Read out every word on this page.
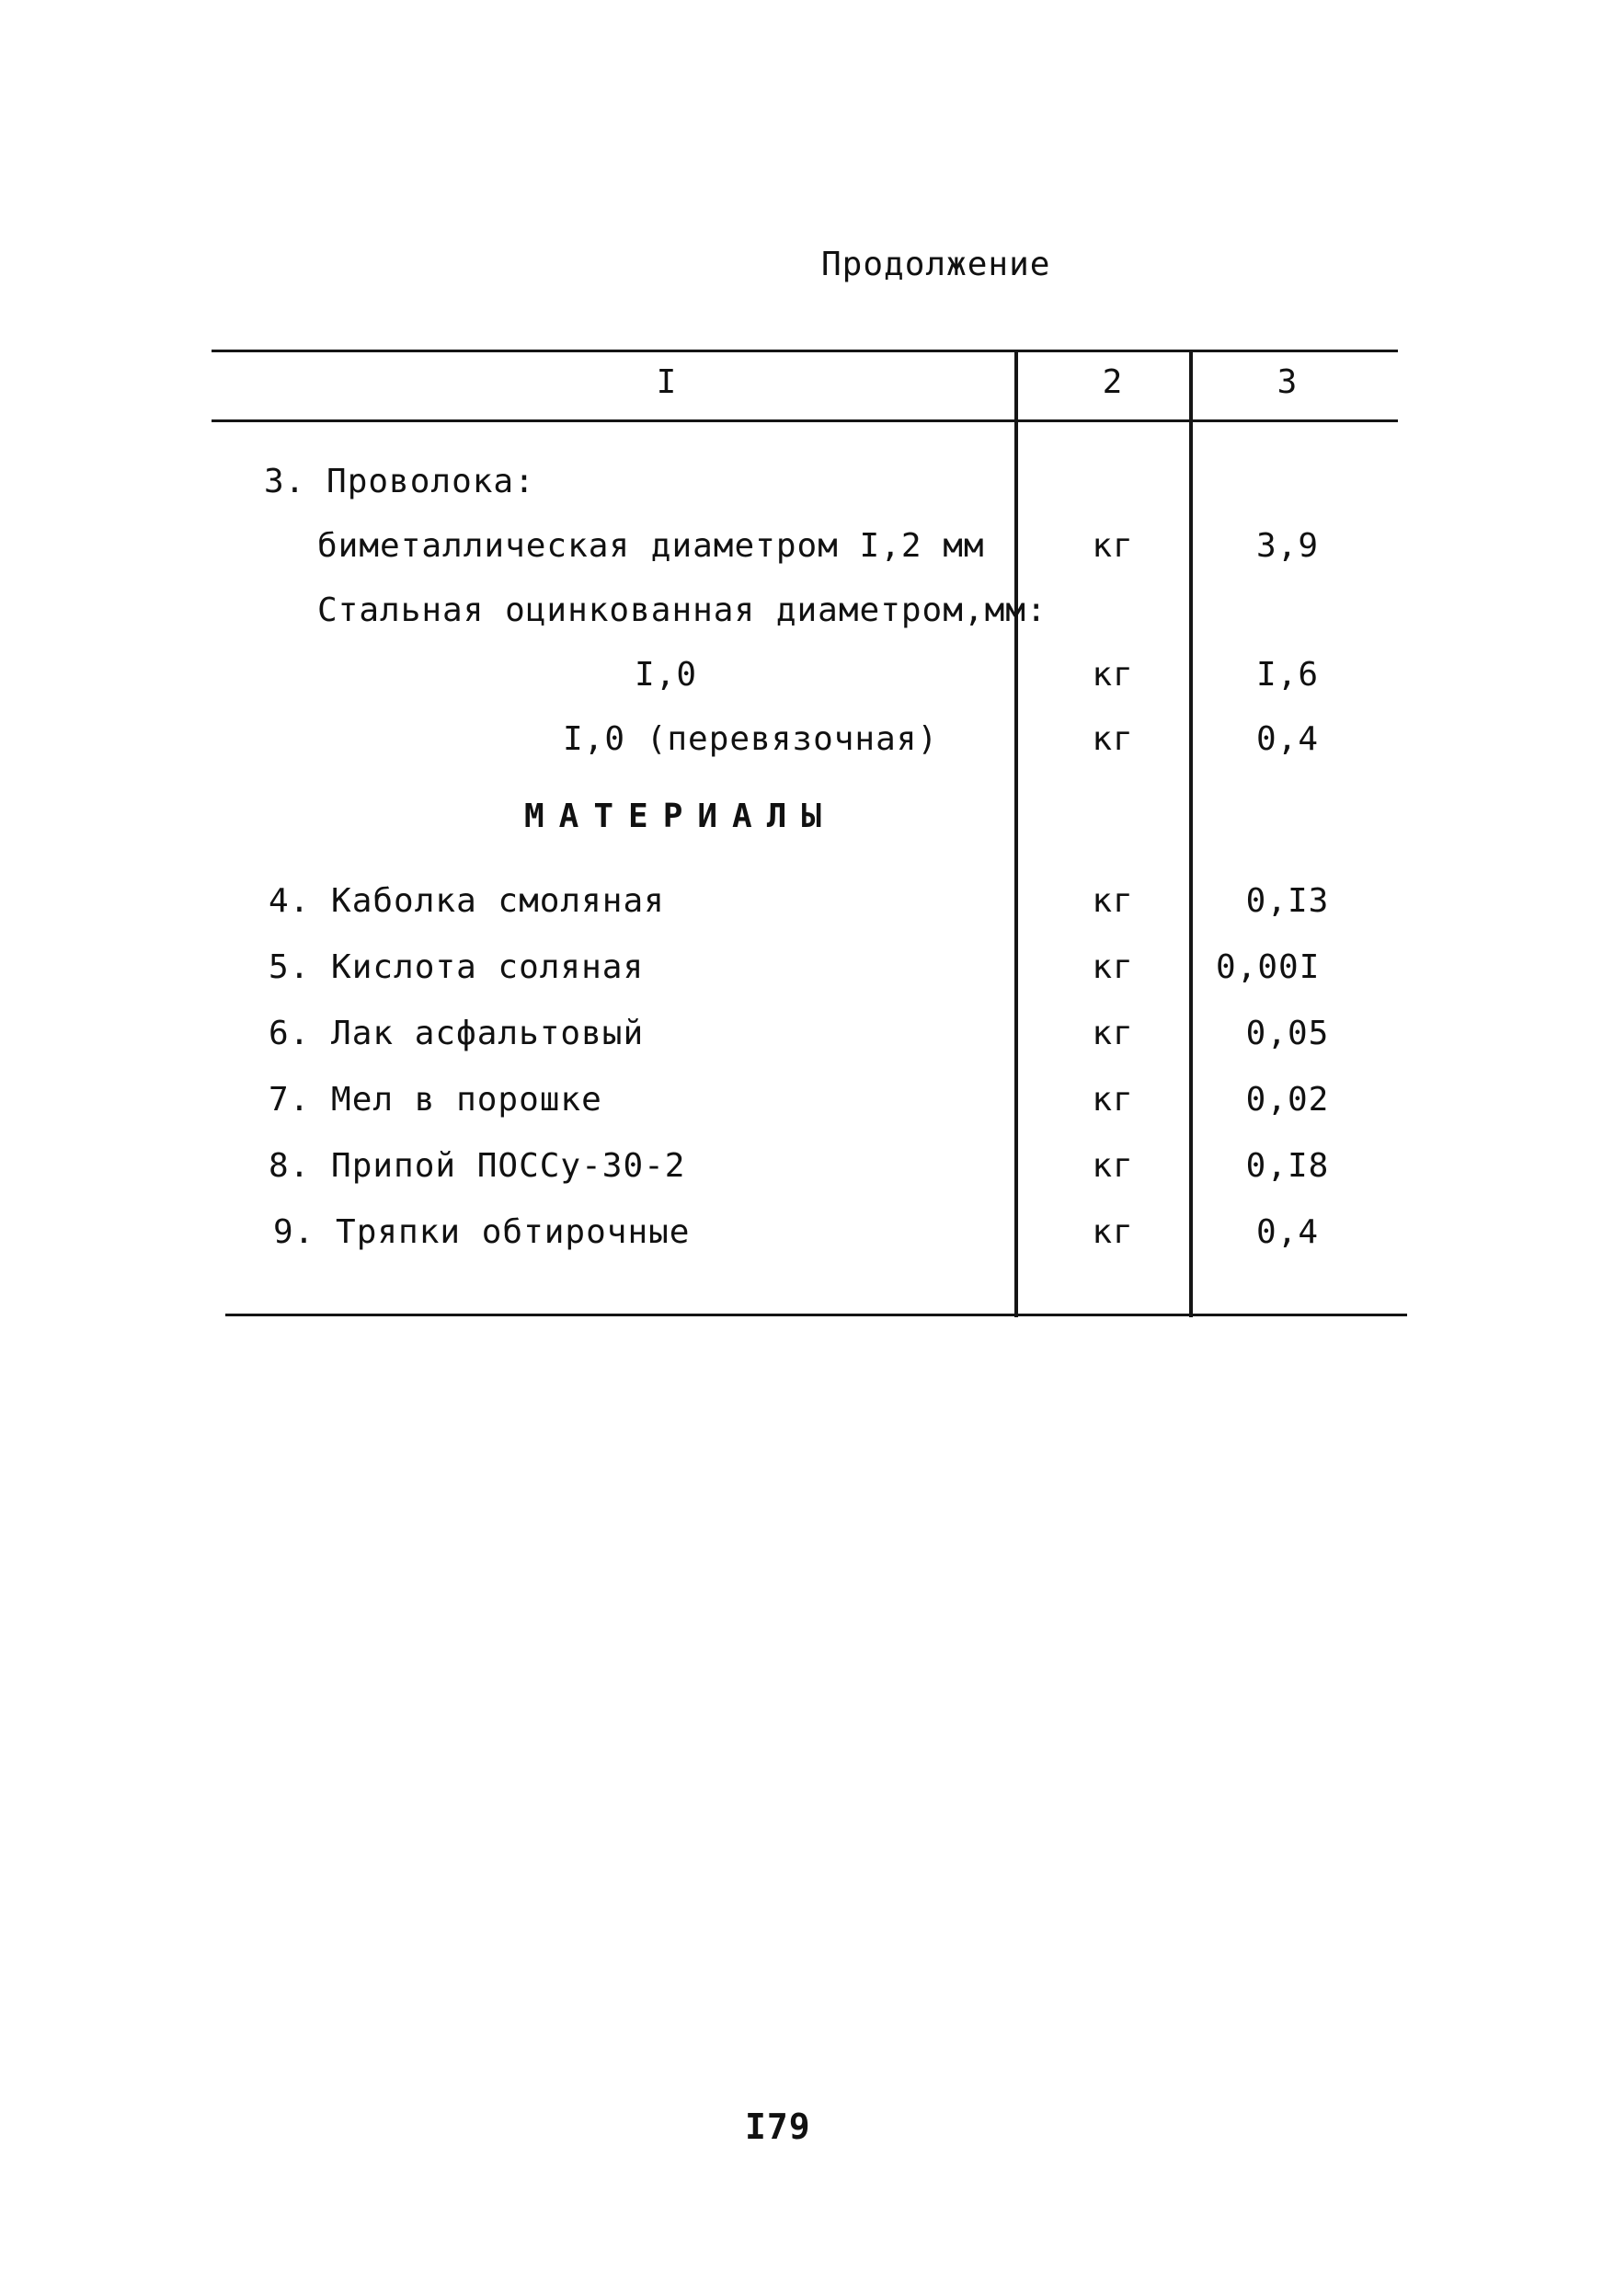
Продолжение
I	2	3
3. Проволока:
биметаллическая диаметром I,2 мм	кг	3,9
Стальная оцинкованная диаметром,мм:
I,0	кг	I,6
I,0 (перевязочная)	кг	0,4
МАТЕРИАЛЫ
4. Каболка смоляная	кг	0,I3
5. Кислота соляная	кг	0,00I
6. Лак асфальтовый	кг	0,05
7. Мел в порошке	кг	0,02
8. Припой ПОССу-30-2	кг	0,I8
9. Тряпки обтирочные	кг	0,4
I79
